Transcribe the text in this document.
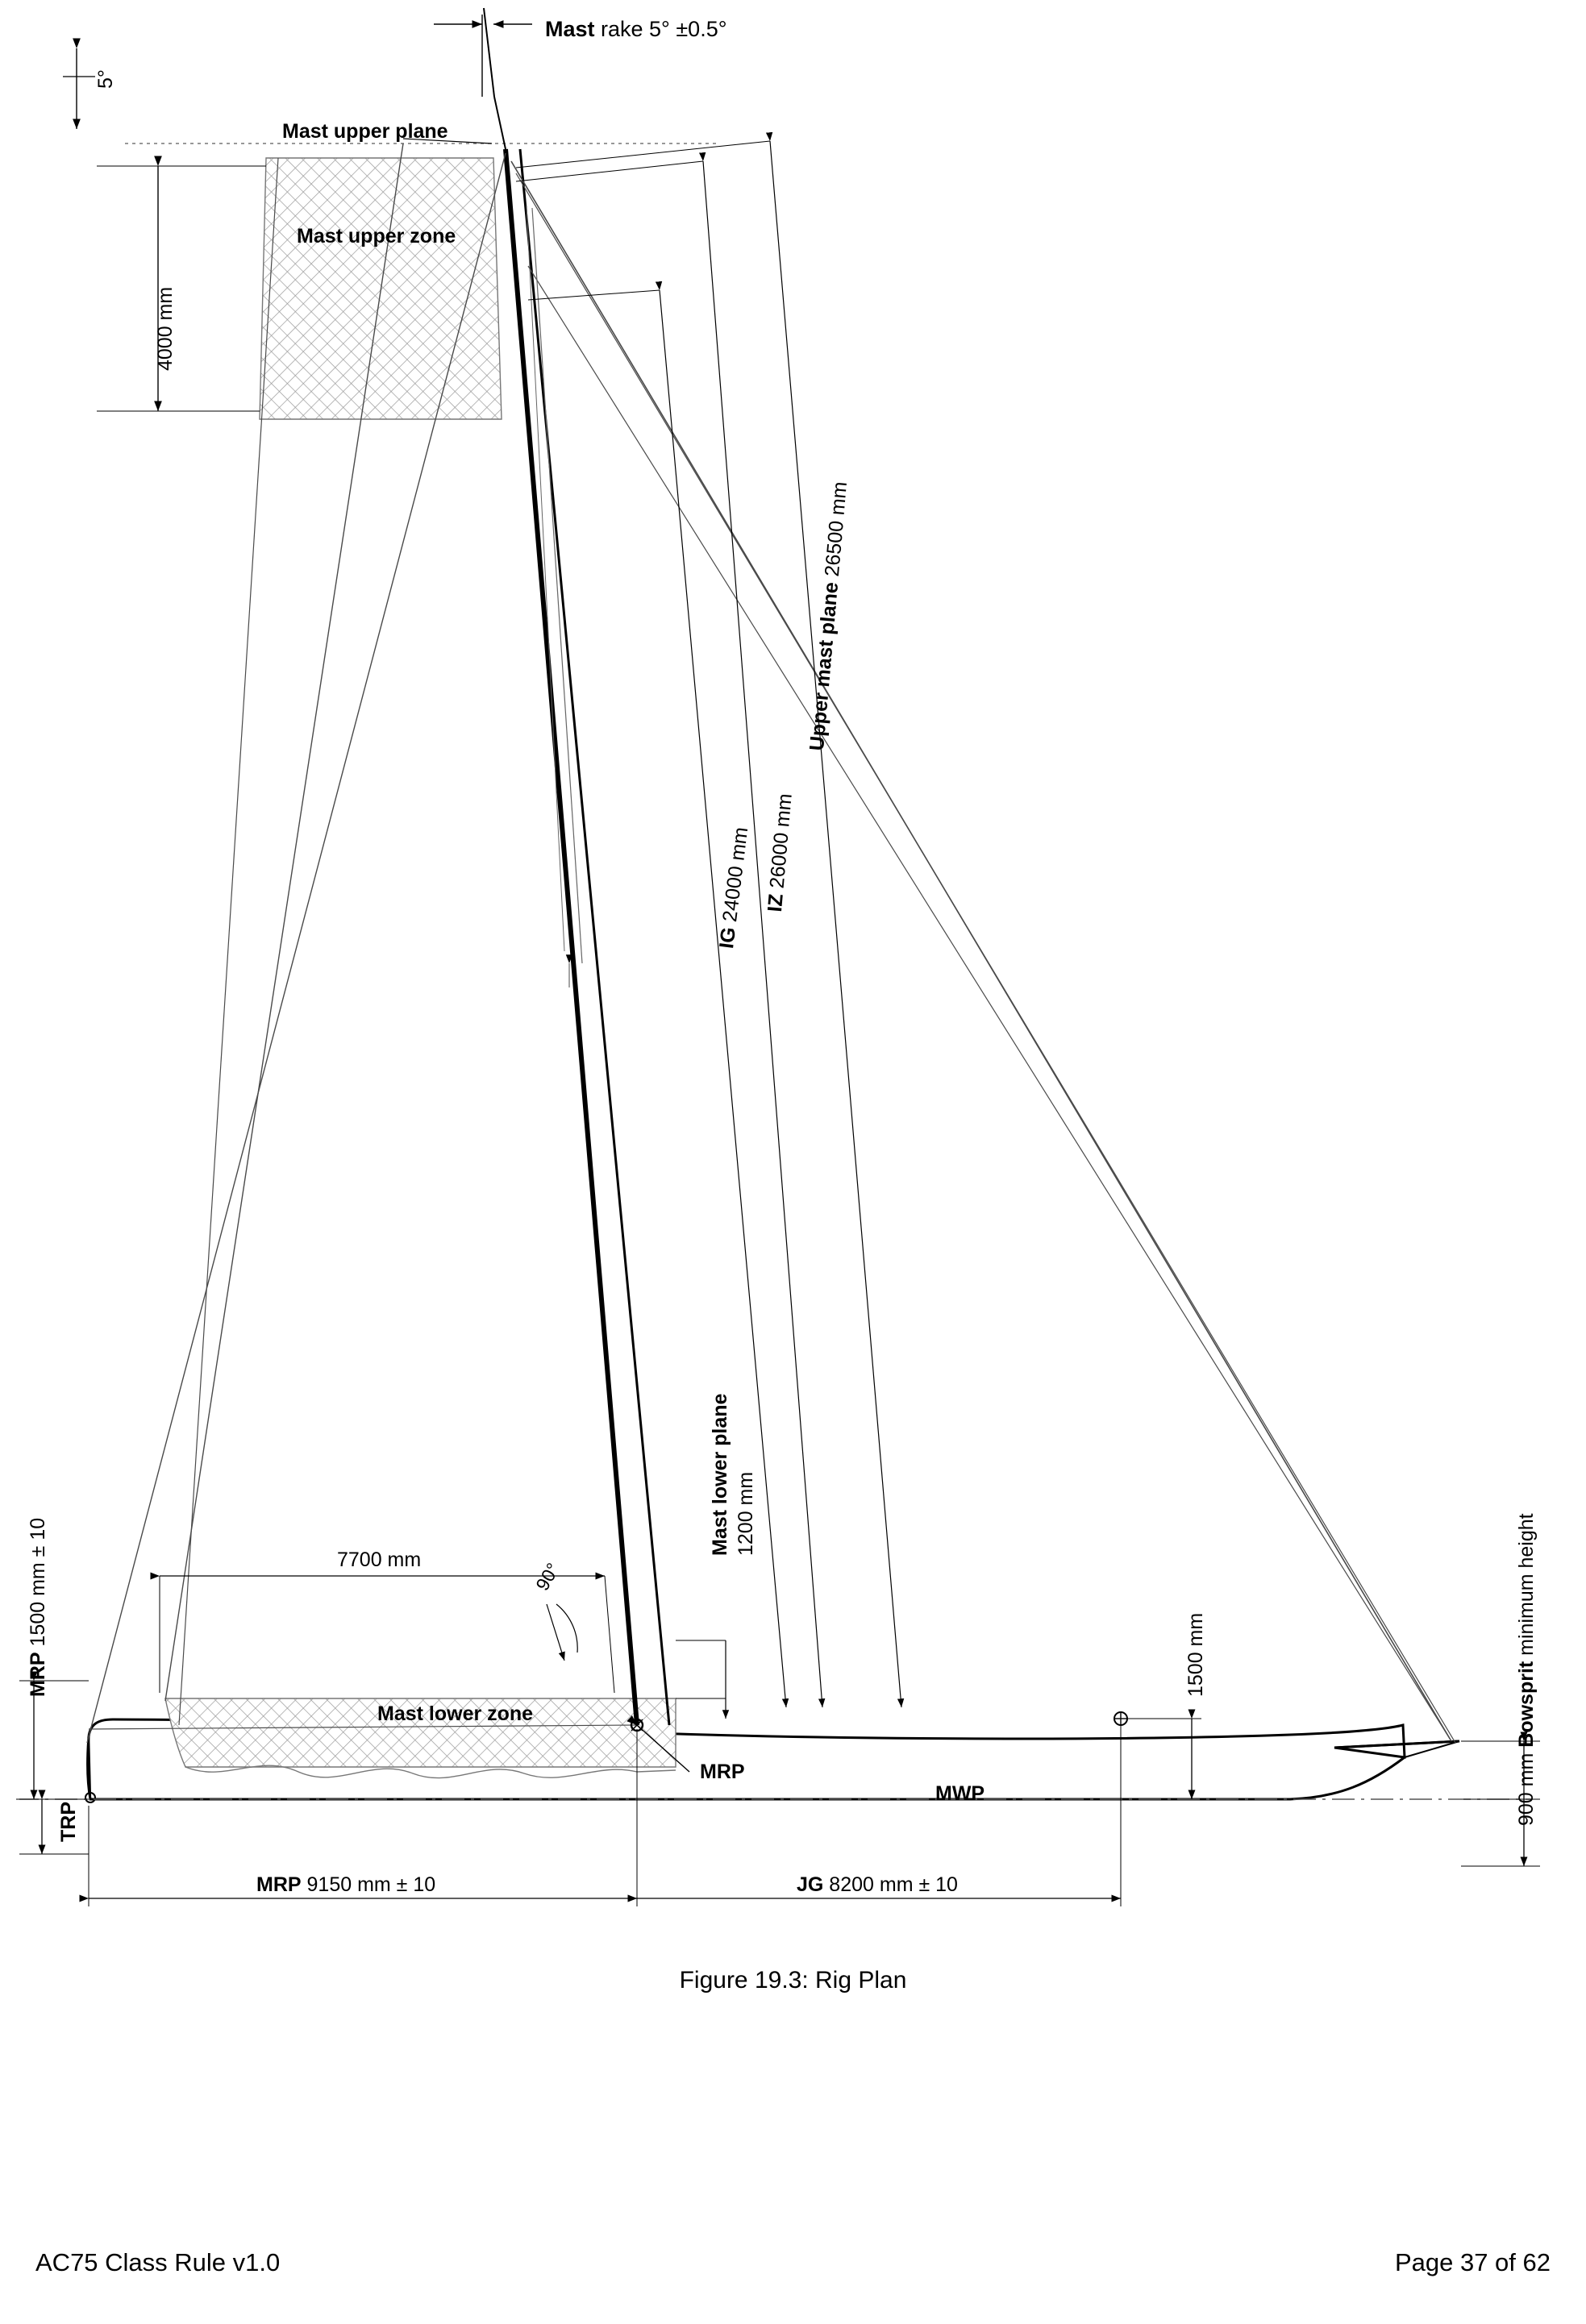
Mast rake 5° ±0.5°
5°
Mast upper plane
Mast upper zone
4000 mm
Upper mast plane 26500 mm
IZ 26000 mm
IG 24000 mm
Mast lower plane 1200 mm
Mast lower zone
7700 mm	90°
MRP 1500 mm ± 10
MRP
MWP
TRP
1500 mm
900 mm Bowsprit minimum height
MRP 9150 mm ± 10	JG 8200 mm ± 10
Figure 19.3: Rig Plan
AC75 Class Rule v1.0	Page 37 of 62
